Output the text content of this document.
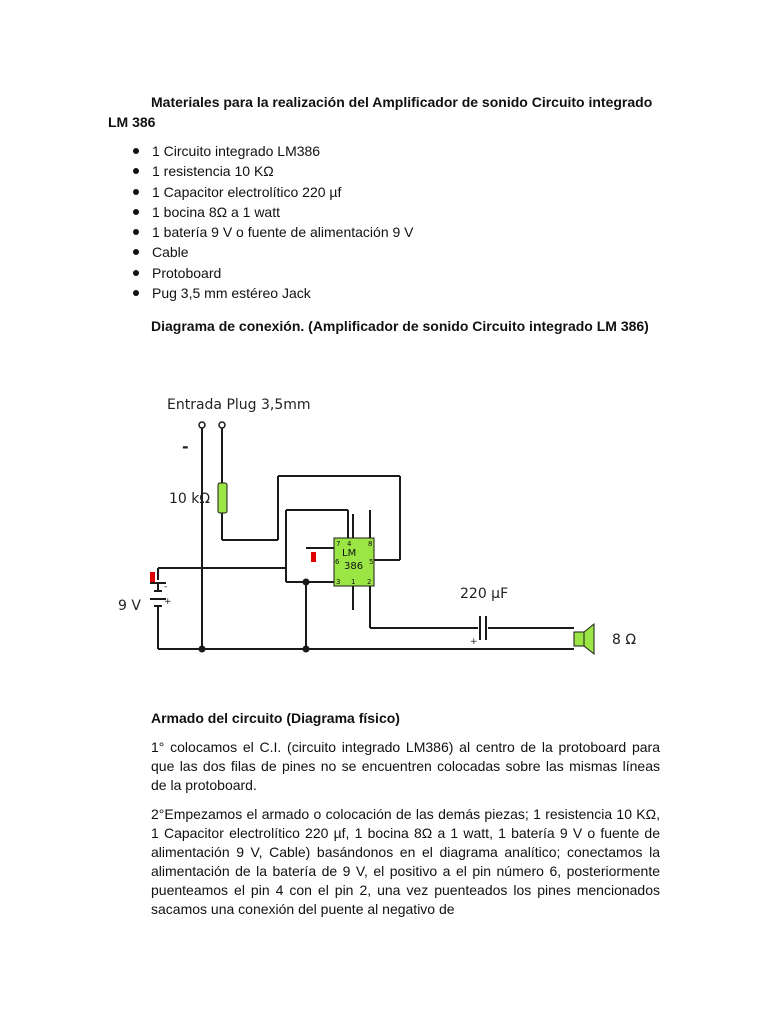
Materiales para la realización del Amplificador de sonido Circuito integrado LM 386
1 Circuito integrado LM386
1 resistencia 10 KΩ
1 Capacitor electrolítico 220 µf
1 bocina 8Ω a 1 watt
1 batería 9 V o fuente de alimentación 9 V
Cable
Protoboard
Pug 3,5 mm estéreo Jack
Diagrama de conexión. (Amplificador de sonido Circuito integrado LM 386)
Entrada Plug 3,5mm
-
10 kΩ
9 V
-
+	220 µF
+	8 Ω
LM
386
7 4 8
6	5
3 1 2
Armado del circuito (Diagrama físico)
1° colocamos el C.I. (circuito integrado LM386) al centro de la protoboard para que las dos filas de pines no se encuentren colocadas sobre las mismas líneas de la protoboard.
2°Empezamos el armado o colocación de las demás piezas; 1 resistencia 10 KΩ, 1 Capacitor electrolítico 220 µf, 1 bocina 8Ω a 1 watt, 1 batería 9 V o fuente de alimentación 9 V, Cable) basándonos en el diagrama analítico; conectamos la alimentación de la batería de 9 V, el positivo a el pin número 6, posteriormente puenteamos el pin 4 con el pin 2, una vez puenteados los pines mencionados sacamos una conexión del puente al negativo de
